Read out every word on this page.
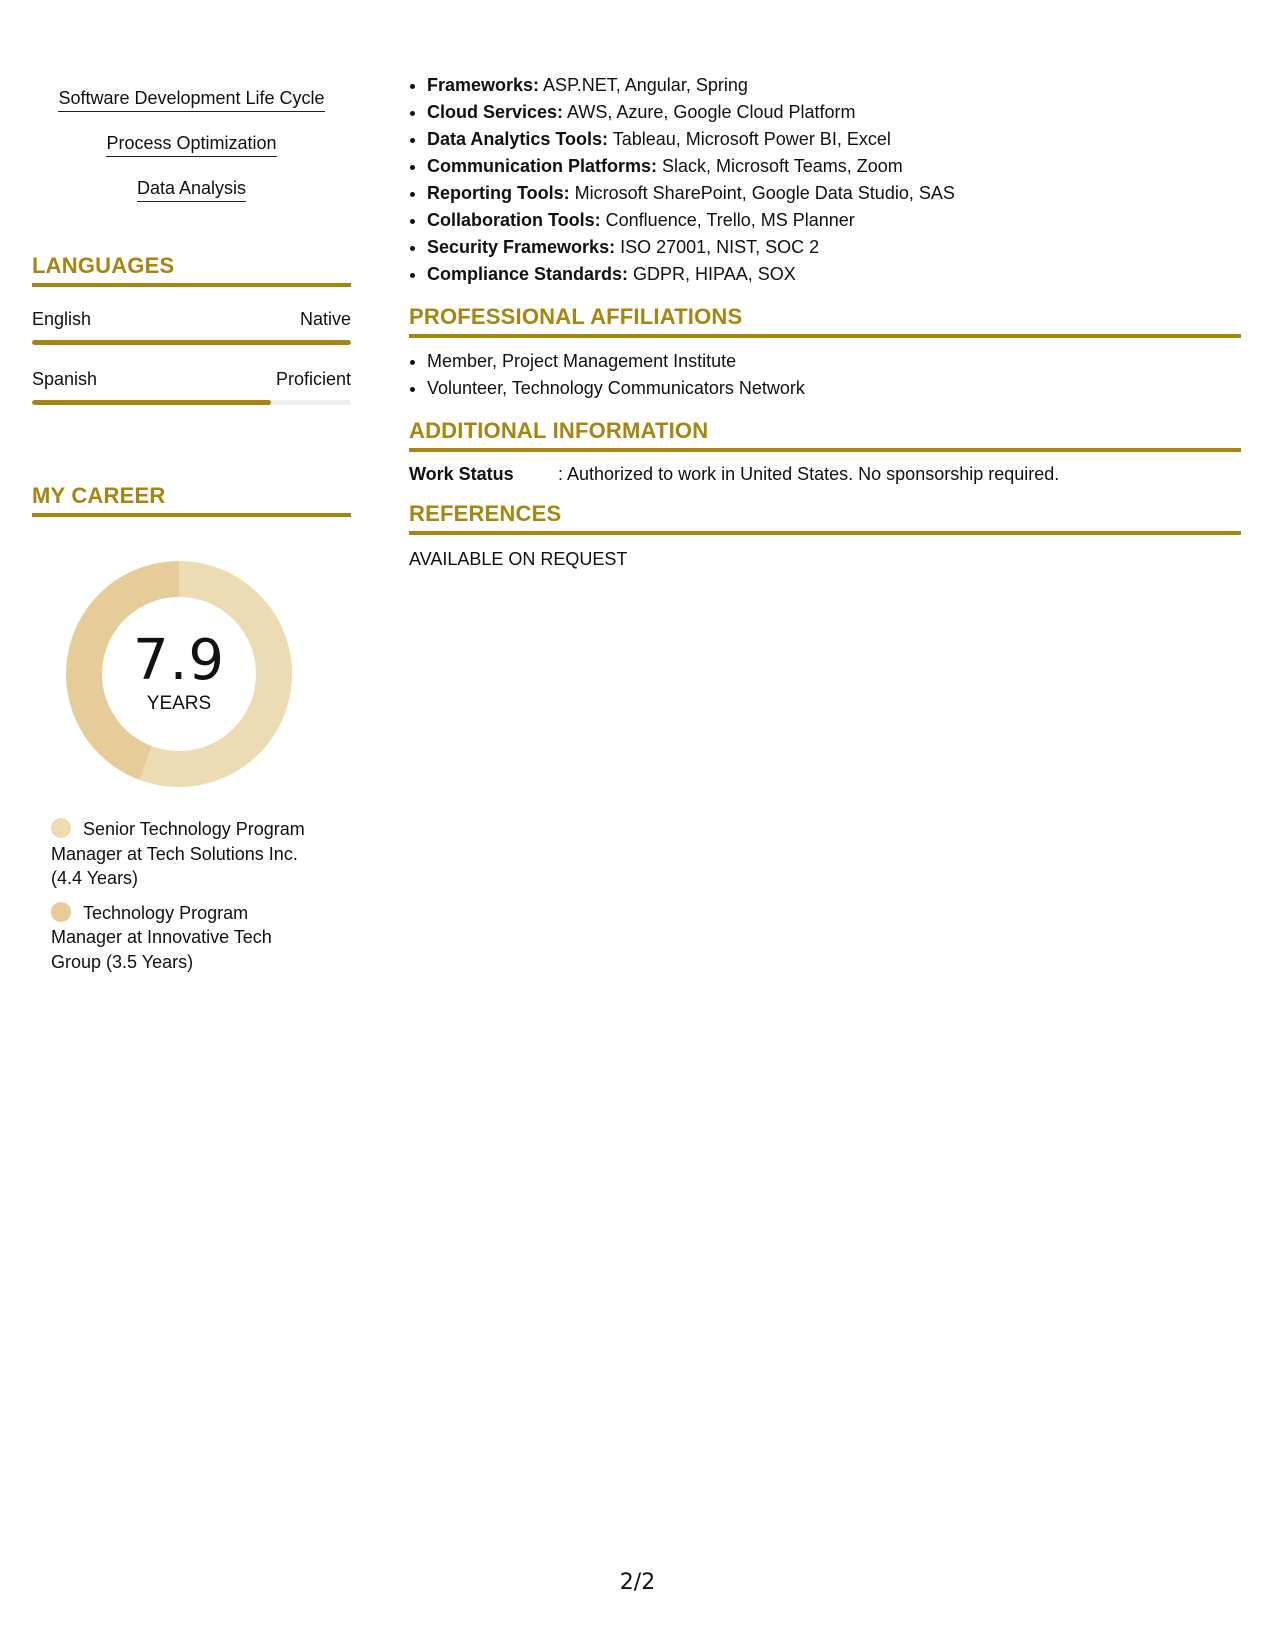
Software Development Life Cycle
Process Optimization
Data Analysis
LANGUAGES
English	Native
Spanish	Proficient
MY CAREER
7.9
YEARS
Senior Technology Program Manager at Tech Solutions Inc. (4.4 Years)
Technology Program Manager at Innovative Tech Group (3.5 Years)
• Frameworks: ASP.NET, Angular, Spring
• Cloud Services: AWS, Azure, Google Cloud Platform
• Data Analytics Tools: Tableau, Microsoft Power BI, Excel
• Communication Platforms: Slack, Microsoft Teams, Zoom
• Reporting Tools: Microsoft SharePoint, Google Data Studio, SAS
• Collaboration Tools: Confluence, Trello, MS Planner
• Security Frameworks: ISO 27001, NIST, SOC 2
• Compliance Standards: GDPR, HIPAA, SOX
PROFESSIONAL AFFILIATIONS
• Member, Project Management Institute
• Volunteer, Technology Communicators Network
ADDITIONAL INFORMATION
Work Status	: Authorized to work in United States. No sponsorship required.
REFERENCES
AVAILABLE ON REQUEST
2/2
